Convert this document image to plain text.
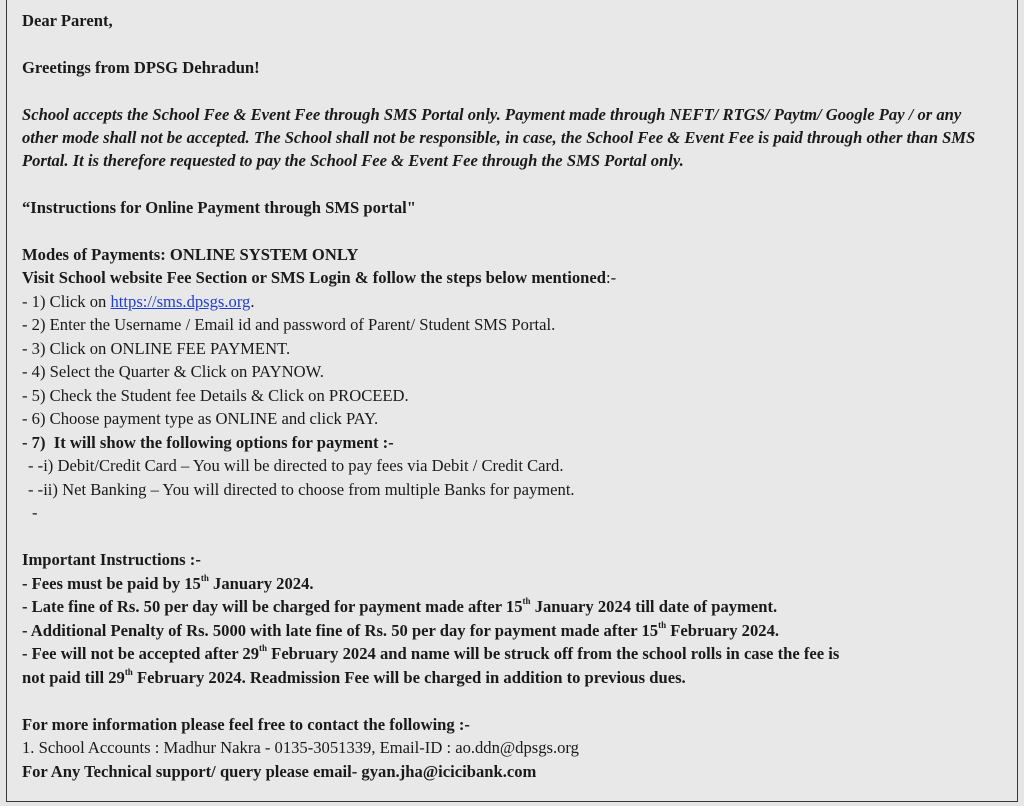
Dear Parent,

Greetings from DPSG Dehradun!

School accepts the School Fee & Event Fee through SMS Portal only. Payment made through NEFT/ RTGS/ Paytm/ Google Pay / or any other mode shall not be accepted. The School shall not be responsible, in case, the School Fee & Event Fee is paid through other than SMS Portal. It is therefore requested to pay the School Fee & Event Fee through the SMS Portal only.

“Instructions for Online Payment through SMS portal"

Modes of Payments: ONLINE SYSTEM ONLY

Visit School website Fee Section or SMS Login & follow the steps below mentioned:-

- 1) Click on https://sms.dpsgs.org.

- 2) Enter the Username / Email id and password of Parent/ Student SMS Portal.

- 3) Click on ONLINE FEE PAYMENT.

- 4) Select the Quarter & Click on PAYNOW.

- 5) Check the Student fee Details & Click on PROCEED.

- 6) Choose payment type as ONLINE and click PAY.

- 7) It will show the following options for payment :-

- -i) Debit/Credit Card – You will be directed to pay fees via Debit / Credit Card.

- -ii) Net Banking – You will directed to choose from multiple Banks for payment.

-

Important Instructions :-

- Fees must be paid by 15th January 2024.

- Late fine of Rs. 50 per day will be charged for payment made after 15th January 2024 till date of payment.

- Additional Penalty of Rs. 5000 with late fine of Rs. 50 per day for payment made after 15th February 2024.

- Fee will not be accepted after 29th February 2024 and name will be struck off from the school rolls in case the fee is

not paid till 29th February 2024. Readmission Fee will be charged in addition to previous dues.

For more information please feel free to contact the following :-

1. School Accounts : Madhur Nakra - 0135-3051339, Email-ID : ao.ddn@dpsgs.org

For Any Technical support/ query please email- gyan.jha@icicibank.com
